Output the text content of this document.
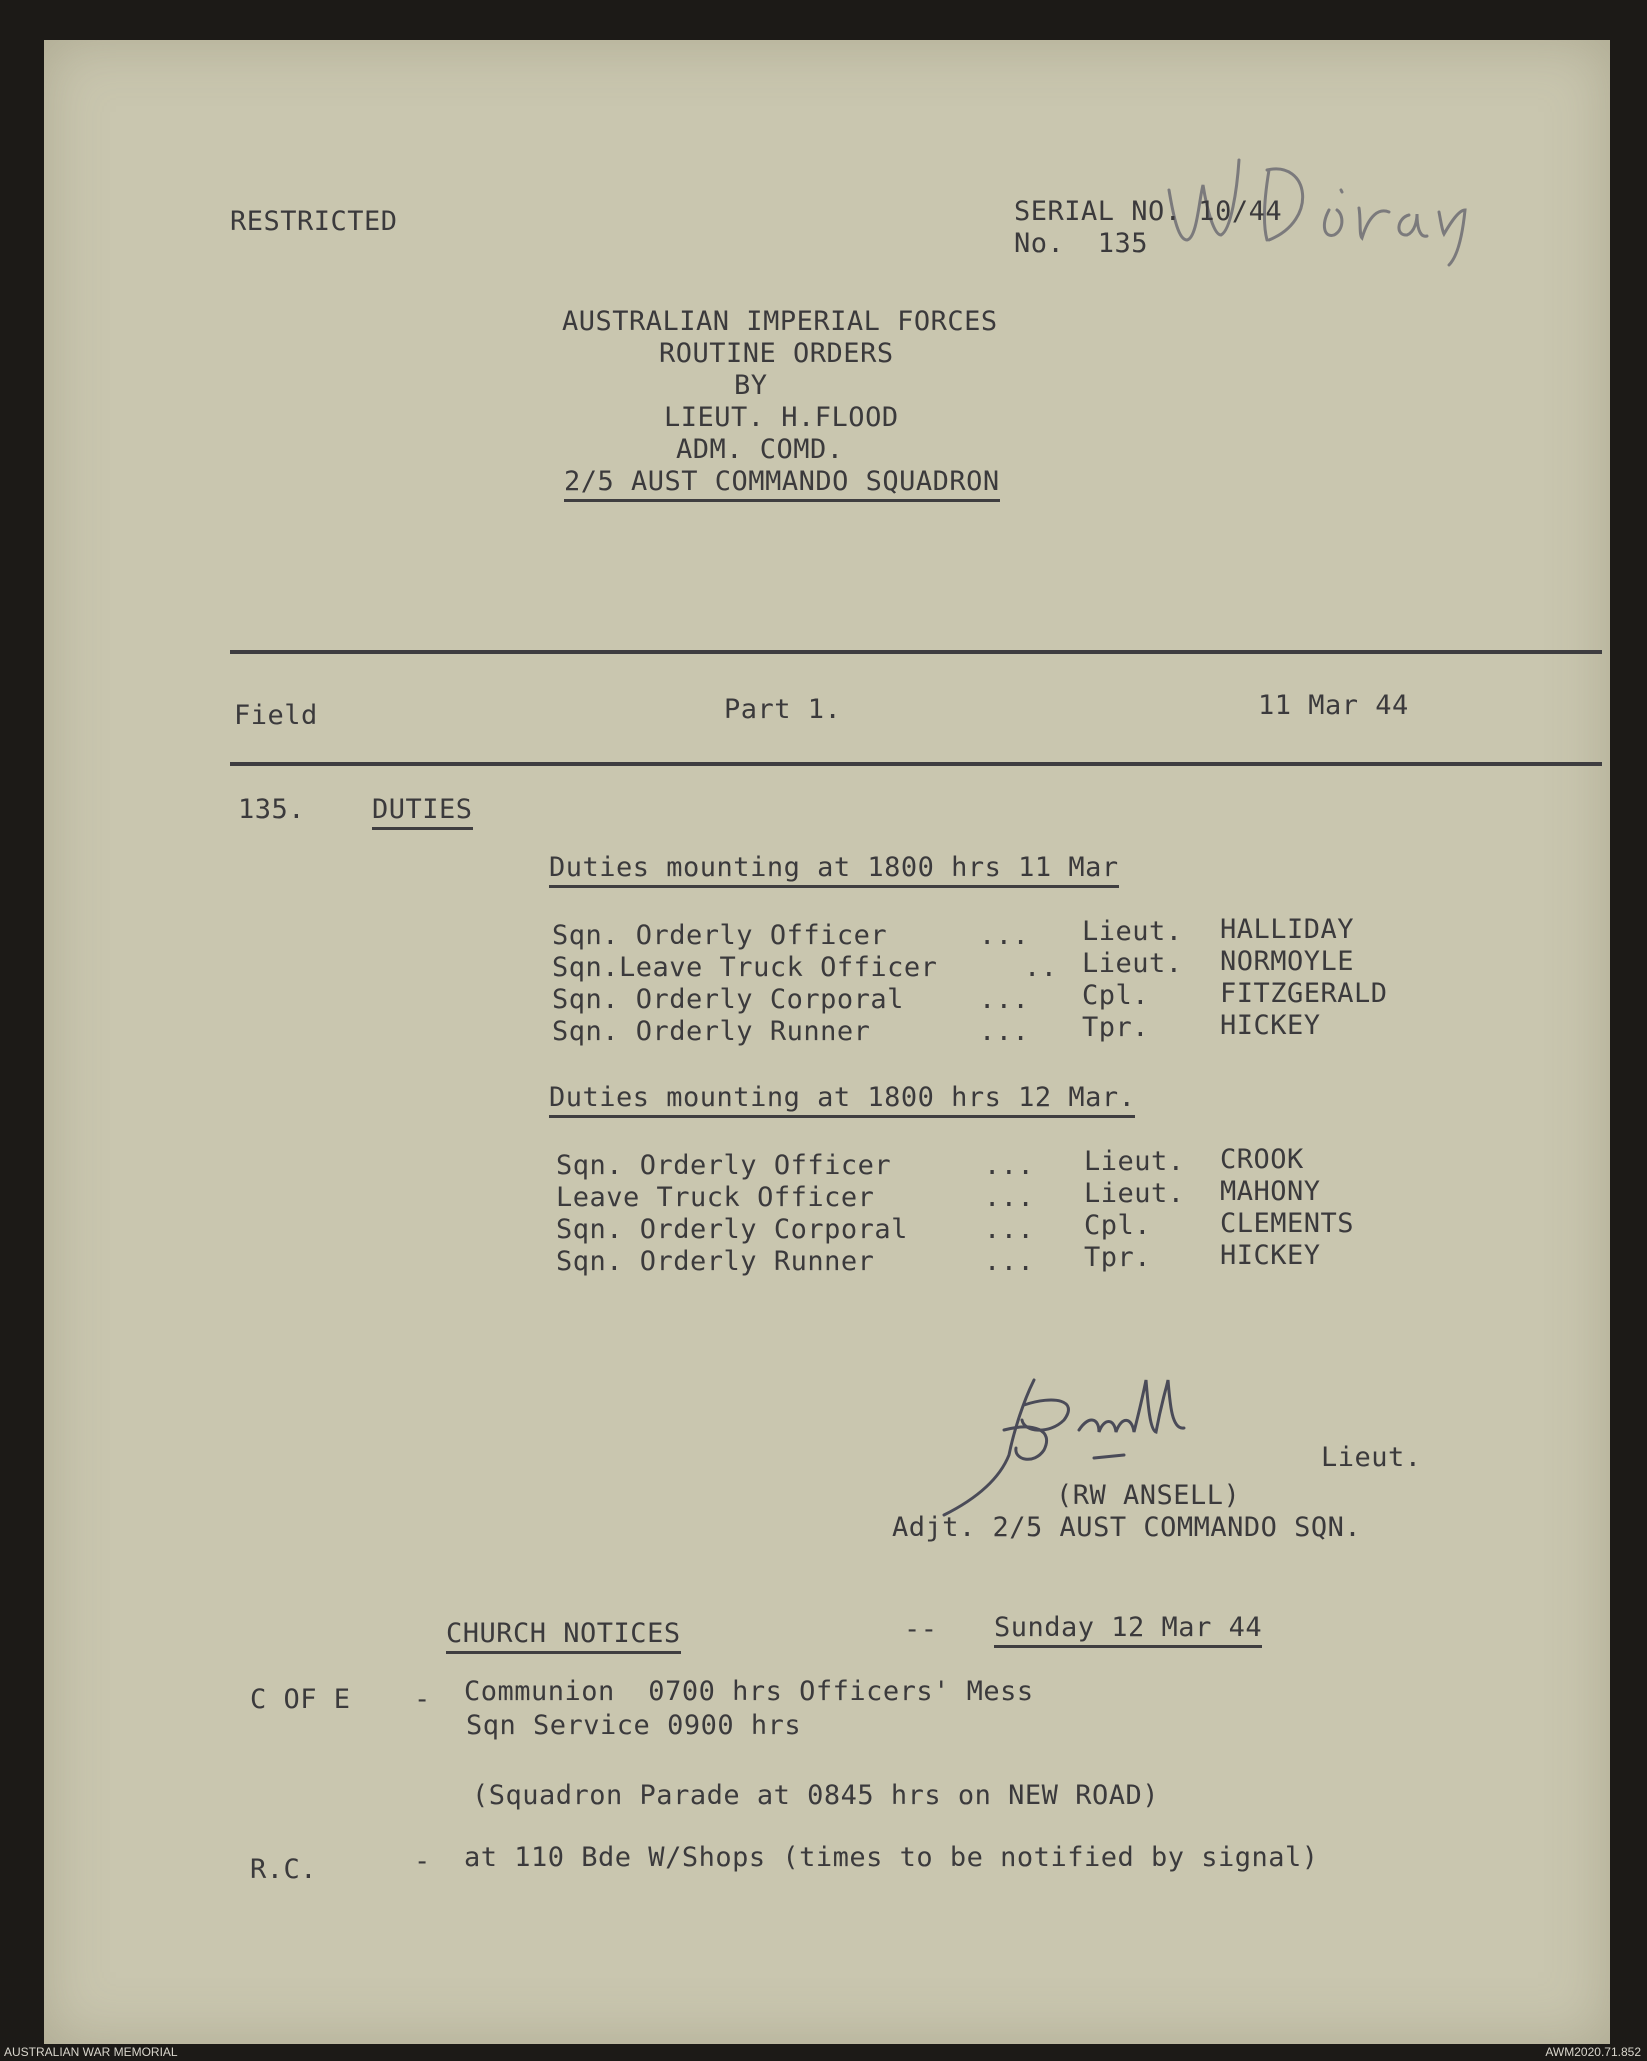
RESTRICTED	SERIAL NO. 10/44
No.  135
AUSTRALIAN IMPERIAL FORCES
ROUTINE ORDERS
BY
LIEUT. H.FLOOD
ADM. COMD.
2/5 AUST COMMANDO SQUADRON
Field	Part 1.	11 Mar 44
135. DUTIES
Duties mounting at 1800 hrs 11 Mar
Sqn. Orderly Officer	... Lieut. HALLIDAY
Sqn.Leave Truck Officer	.. Lieut. NORMOYLE
Sqn. Orderly Corporal	... Cpl.	FITZGERALD
Sqn. Orderly Runner	... Tpr.	HICKEY
Duties mounting at 1800 hrs 12 Mar.
Sqn. Orderly Officer	... Lieut. CROOK
Leave Truck Officer	... Lieut. MAHONY
Sqn. Orderly Corporal	... Cpl.	CLEMENTS
Sqn. Orderly Runner	... Tpr.	HICKEY
Lieut.
(RW ANSELL)
Adjt. 2/5 AUST COMMANDO SQN.
CHURCH NOTICES	-- Sunday 12 Mar 44
C OF E - Communion  0700 hrs Officers' Mess
Sqn Service 0900 hrs
(Squadron Parade at 0845 hrs on NEW ROAD)
R.C.	- at 110 Bde W/Shops (times to be notified by signal)
AUSTRALIAN WAR MEMORIAL	AWM2020.71.852
